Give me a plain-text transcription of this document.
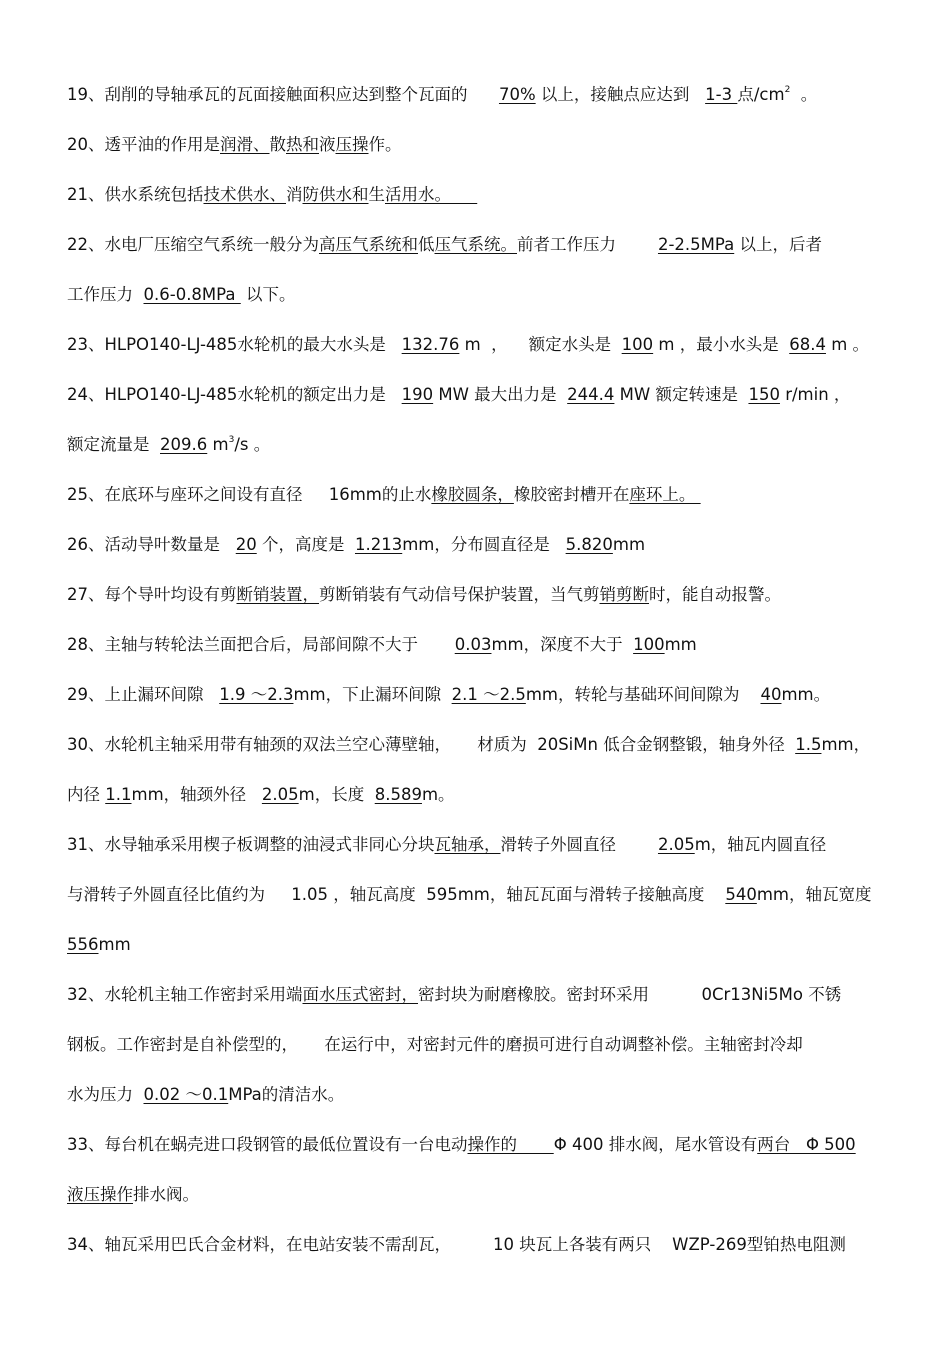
19、刮削的导轴承瓦的瓦面接触面积应达到整个瓦面的      70% 以上，接触点应达到   1-3 点$/cm^2$  。
20、透平油的作用是润滑、散热和液压操作。
21、供水系统包括技术供水、消防供水和生活用水。
22、水电厂压缩空气系统一般分为高压气系统和低压气系统。前者工作压力        2-2.5MPa 以上，后者
工作压力  0.6-0.8MPa  以下。
23、HLPO140-LJ-485水轮机的最大水头是   132.76 m  ，    额定水头是  100 m ，最小水头是  68.4 m 。
24、HLPO140-LJ-485水轮机的额定出力是   190 MW 最大出力是  244.4 MW 额定转速是  150 r/min ，
额定流量是  209.6 $m^3/s$ 。
25、在底环与座环之间设有直径     16mm的止水橡胶圆条，橡胶密封槽开在座环上。
26、活动导叶数量是   20 个，高度是  1.213mm，分布圆直径是   5.820mm
27、每个导叶均设有剪断销装置，剪断销装有气动信号保护装置，当气剪销剪断时，能自动报警。
28、主轴与转轮法兰面把合后，局部间隙不大于       0.03mm，深度不大于  100mm
29、上止漏环间隙   1.9 ～2.3mm，下止漏环间隙  2.1 ～2.5mm，转轮与基础环间间隙为    40mm。
30、水轮机主轴采用带有轴颈的双法兰空心薄壁轴，     材质为  20SiMn 低合金钢整锻，轴身外径  1.5mm，
内径 1.1mm，轴颈外径   2.05m，长度  8.589m。
31、水导轴承采用楔子板调整的油浸式非同心分块瓦轴承，滑转子外圆直径        2.05m，轴瓦内圆直径
与滑转子外圆直径比值约为     1.05 ，轴瓦高度  595mm，轴瓦瓦面与滑转子接触高度    540mm，轴瓦宽度
556mm
32、水轮机主轴工作密封采用端面水压式密封，密封块为耐磨橡胶。密封环采用          0Cr13Ni5Mo 不锈
钢板。工作密封是自补偿型的，     在运行中，对密封元件的磨损可进行自动调整补偿。主轴密封冷却
水为压力  0.02 ～0.1MPa的清洁水。
33、每台机在蜗壳进口段钢管的最低位置设有一台电动操作的       Φ 400 排水阀，尾水管设有两台   Φ 500
液压操作排水阀。
34、轴瓦采用巴氏合金材料，在电站安装不需刮瓦，        10 块瓦上各装有两只    WZP-269型铂热电阻测
